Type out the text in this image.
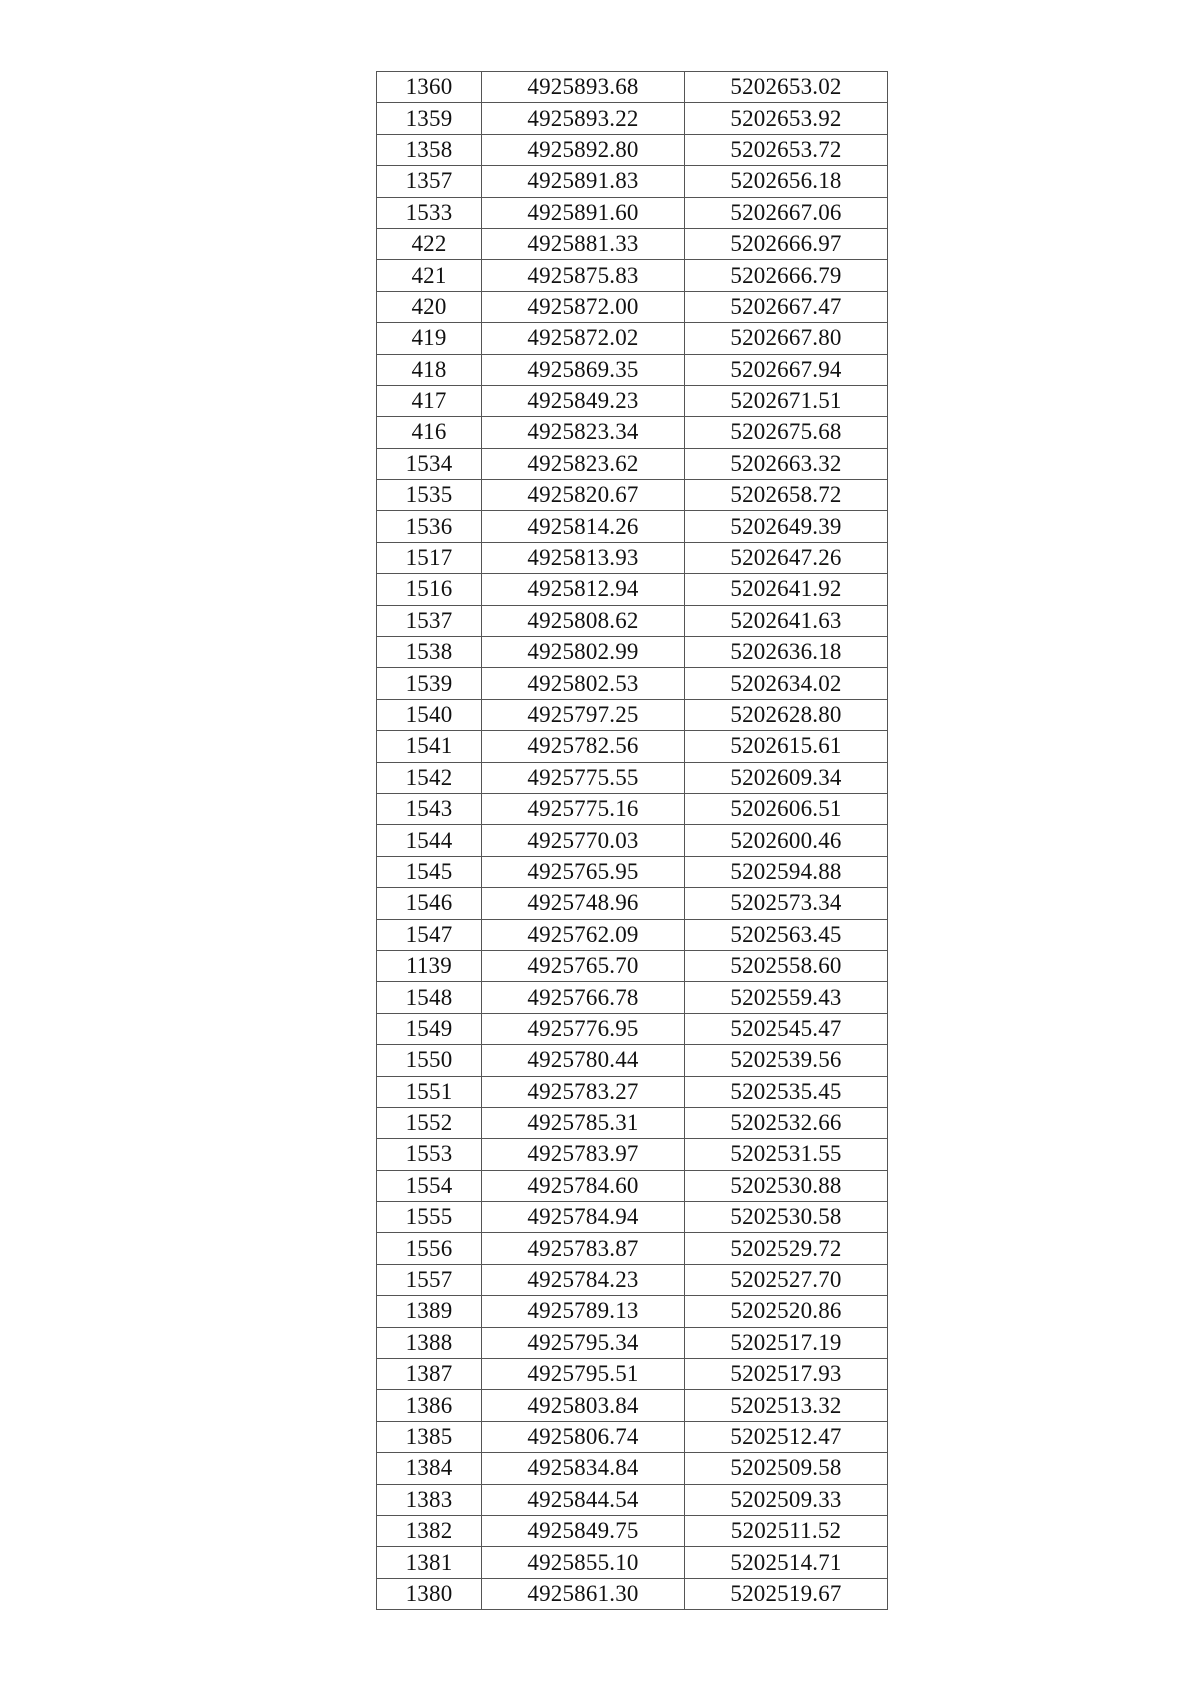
1360	4925893.68	5202653.02
1359	4925893.22	5202653.92
1358	4925892.80	5202653.72
1357	4925891.83	5202656.18
1533	4925891.60	5202667.06
422	4925881.33	5202666.97
421	4925875.83	5202666.79
420	4925872.00	5202667.47
419	4925872.02	5202667.80
418	4925869.35	5202667.94
417	4925849.23	5202671.51
416	4925823.34	5202675.68
1534	4925823.62	5202663.32
1535	4925820.67	5202658.72
1536	4925814.26	5202649.39
1517	4925813.93	5202647.26
1516	4925812.94	5202641.92
1537	4925808.62	5202641.63
1538	4925802.99	5202636.18
1539	4925802.53	5202634.02
1540	4925797.25	5202628.80
1541	4925782.56	5202615.61
1542	4925775.55	5202609.34
1543	4925775.16	5202606.51
1544	4925770.03	5202600.46
1545	4925765.95	5202594.88
1546	4925748.96	5202573.34
1547	4925762.09	5202563.45
1139	4925765.70	5202558.60
1548	4925766.78	5202559.43
1549	4925776.95	5202545.47
1550	4925780.44	5202539.56
1551	4925783.27	5202535.45
1552	4925785.31	5202532.66
1553	4925783.97	5202531.55
1554	4925784.60	5202530.88
1555	4925784.94	5202530.58
1556	4925783.87	5202529.72
1557	4925784.23	5202527.70
1389	4925789.13	5202520.86
1388	4925795.34	5202517.19
1387	4925795.51	5202517.93
1386	4925803.84	5202513.32
1385	4925806.74	5202512.47
1384	4925834.84	5202509.58
1383	4925844.54	5202509.33
1382	4925849.75	5202511.52
1381	4925855.10	5202514.71
1380	4925861.30	5202519.67
